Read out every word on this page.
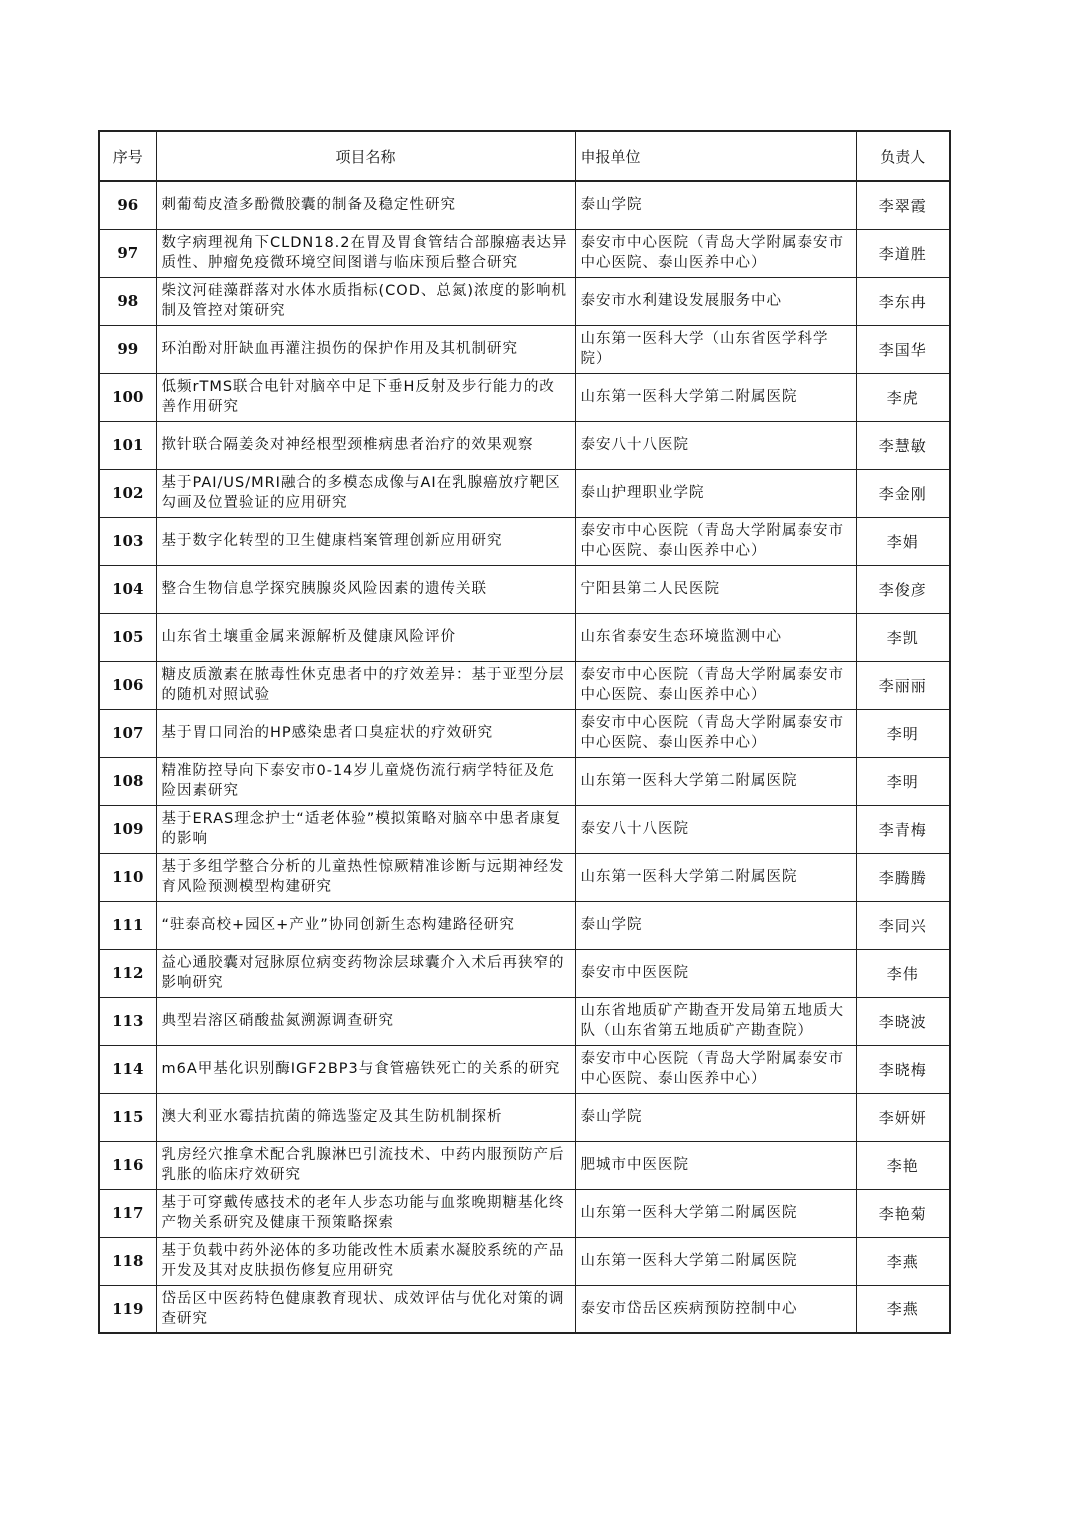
序号	项目名称	申报单位	负责人
96	刺葡萄皮渣多酚微胶囊的制备及稳定性研究	泰山学院	李翠霞
97	数字病理视角下CLDN18.2在胃及胃食管结合部腺癌表达异质性、肿瘤免疫微环境空间图谱与临床预后整合研究	泰安市中心医院（青岛大学附属泰安市中心医院、泰山医养中心）	李道胜
98	柴汶河硅藻群落对水体水质指标(COD、总氮)浓度的影响机制及管控对策研究	泰安市水利建设发展服务中心	李东冉
99	环泊酚对肝缺血再灌注损伤的保护作用及其机制研究	山东第一医科大学（山东省医学科学院）	李国华
100	低频rTMS联合电针对脑卒中足下垂H反射及步行能力的改善作用研究	山东第一医科大学第二附属医院	李虎
101	揿针联合隔姜灸对神经根型颈椎病患者治疗的效果观察	泰安八十八医院	李慧敏
102	基于PAI/US/MRI融合的多模态成像与AI在乳腺癌放疗靶区勾画及位置验证的应用研究	泰山护理职业学院	李金刚
103	基于数字化转型的卫生健康档案管理创新应用研究	泰安市中心医院（青岛大学附属泰安市中心医院、泰山医养中心）	李娟
104	整合生物信息学探究胰腺炎风险因素的遗传关联	宁阳县第二人民医院	李俊彦
105	山东省土壤重金属来源解析及健康风险评价	山东省泰安生态环境监测中心	李凯
106	糖皮质激素在脓毒性休克患者中的疗效差异：基于亚型分层的随机对照试验	泰安市中心医院（青岛大学附属泰安市中心医院、泰山医养中心）	李丽丽
107	基于胃口同治的HP感染患者口臭症状的疗效研究	泰安市中心医院（青岛大学附属泰安市中心医院、泰山医养中心）	李明
108	精准防控导向下泰安市0-14岁儿童烧伤流行病学特征及危险因素研究	山东第一医科大学第二附属医院	李明
109	基于ERAS理念护士“适老体验”模拟策略对脑卒中患者康复的影响	泰安八十八医院	李青梅
110	基于多组学整合分析的儿童热性惊厥精准诊断与远期神经发育风险预测模型构建研究	山东第一医科大学第二附属医院	李腾腾
111	“驻泰高校+园区+产业”协同创新生态构建路径研究	泰山学院	李同兴
112	益心通胶囊对冠脉原位病变药物涂层球囊介入术后再狭窄的影响研究	泰安市中医医院	李伟
113	典型岩溶区硝酸盐氮溯源调查研究	山东省地质矿产勘查开发局第五地质大队（山东省第五地质矿产勘查院）	李晓波
114	m6A甲基化识别酶IGF2BP3与食管癌铁死亡的关系的研究	泰安市中心医院（青岛大学附属泰安市中心医院、泰山医养中心）	李晓梅
115	澳大利亚水霉拮抗菌的筛选鉴定及其生防机制探析	泰山学院	李妍妍
116	乳房经穴推拿术配合乳腺淋巴引流技术、中药内服预防产后乳胀的临床疗效研究	肥城市中医医院	李艳
117	基于可穿戴传感技术的老年人步态功能与血浆晚期糖基化终产物关系研究及健康干预策略探索	山东第一医科大学第二附属医院	李艳菊
118	基于负载中药外泌体的多功能改性木质素水凝胶系统的产品开发及其对皮肤损伤修复应用研究	山东第一医科大学第二附属医院	李燕
119	岱岳区中医药特色健康教育现状、成效评估与优化对策的调查研究	泰安市岱岳区疾病预防控制中心	李燕
